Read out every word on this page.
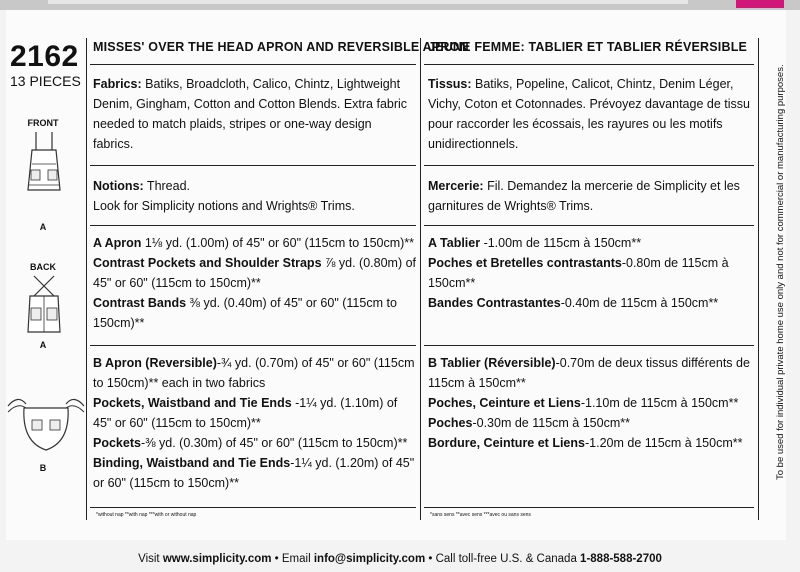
2162
13 PIECES
FRONT
A
BACK
A
B
MISSES' OVER THE HEAD APRON AND REVERSIBLE APRON

Fabrics: Batiks, Broadcloth, Calico, Chintz, Lightweight Denim, Gingham, Cotton and Cotton Blends. Extra fabric needed to match plaids, stripes or one-way design fabrics.

Notions: Thread.

Look for Simplicity notions and Wrights® Trims.

A Apron 1⅛ yd. (1.00m) of 45" or 60" (115cm to 150cm)**

Contrast Pockets and Shoulder Straps ⅞ yd. (0.80m) of 45" or 60" (115cm to 150cm)**

Contrast Bands ⅜ yd. (0.40m) of 45" or 60" (115cm to 150cm)**

B Apron (Reversible)-¾ yd. (0.70m) of 45" or 60" (115cm to 150cm)** each in two fabrics

Pockets, Waistband and Tie Ends -1¼ yd. (1.10m) of 45" or 60" (115cm to 150cm)**

Pockets-⅜ yd. (0.30m) of 45" or 60" (115cm to 150cm)**

Binding, Waistband and Tie Ends-1¼ yd. (1.20m) of 45" or 60" (115cm to 150cm)**

*without nap **with nap ***with or without nap
JEUNE FEMME: TABLIER ET TABLIER RÉVERSIBLE

Tissus: Batiks, Popeline, Calicot, Chintz, Denim Léger, Vichy, Coton et Cotonnades. Prévoyez davantage de tissu pour raccorder les écossais, les rayures ou les motifs unidirectionnels.

Mercerie: Fil. Demandez la mercerie de Simplicity et les garnitures de Wrights® Trims.

A Tablier -1.00m de 115cm à 150cm**

Poches et Bretelles contrastants-0.80m de 115cm à 150cm**

Bandes Contrastantes-0.40m de 115cm à 150cm**

B Tablier (Réversible)-0.70m de deux tissus différents de 115cm à 150cm**

Poches, Ceinture et Liens-1.10m de 115cm à 150cm**

Poches-0.30m de 115cm à 150cm**

Bordure, Ceinture et Liens-1.20m de 115cm à 150cm**

*sans sens **avec sens ***avec ou sans sens
To be used for individual private home use only and not for commercial or manufacturing purposes.
Visit www.simplicity.com • Email info@simplicity.com • Call toll-free U.S. & Canada 1-888-588-2700
